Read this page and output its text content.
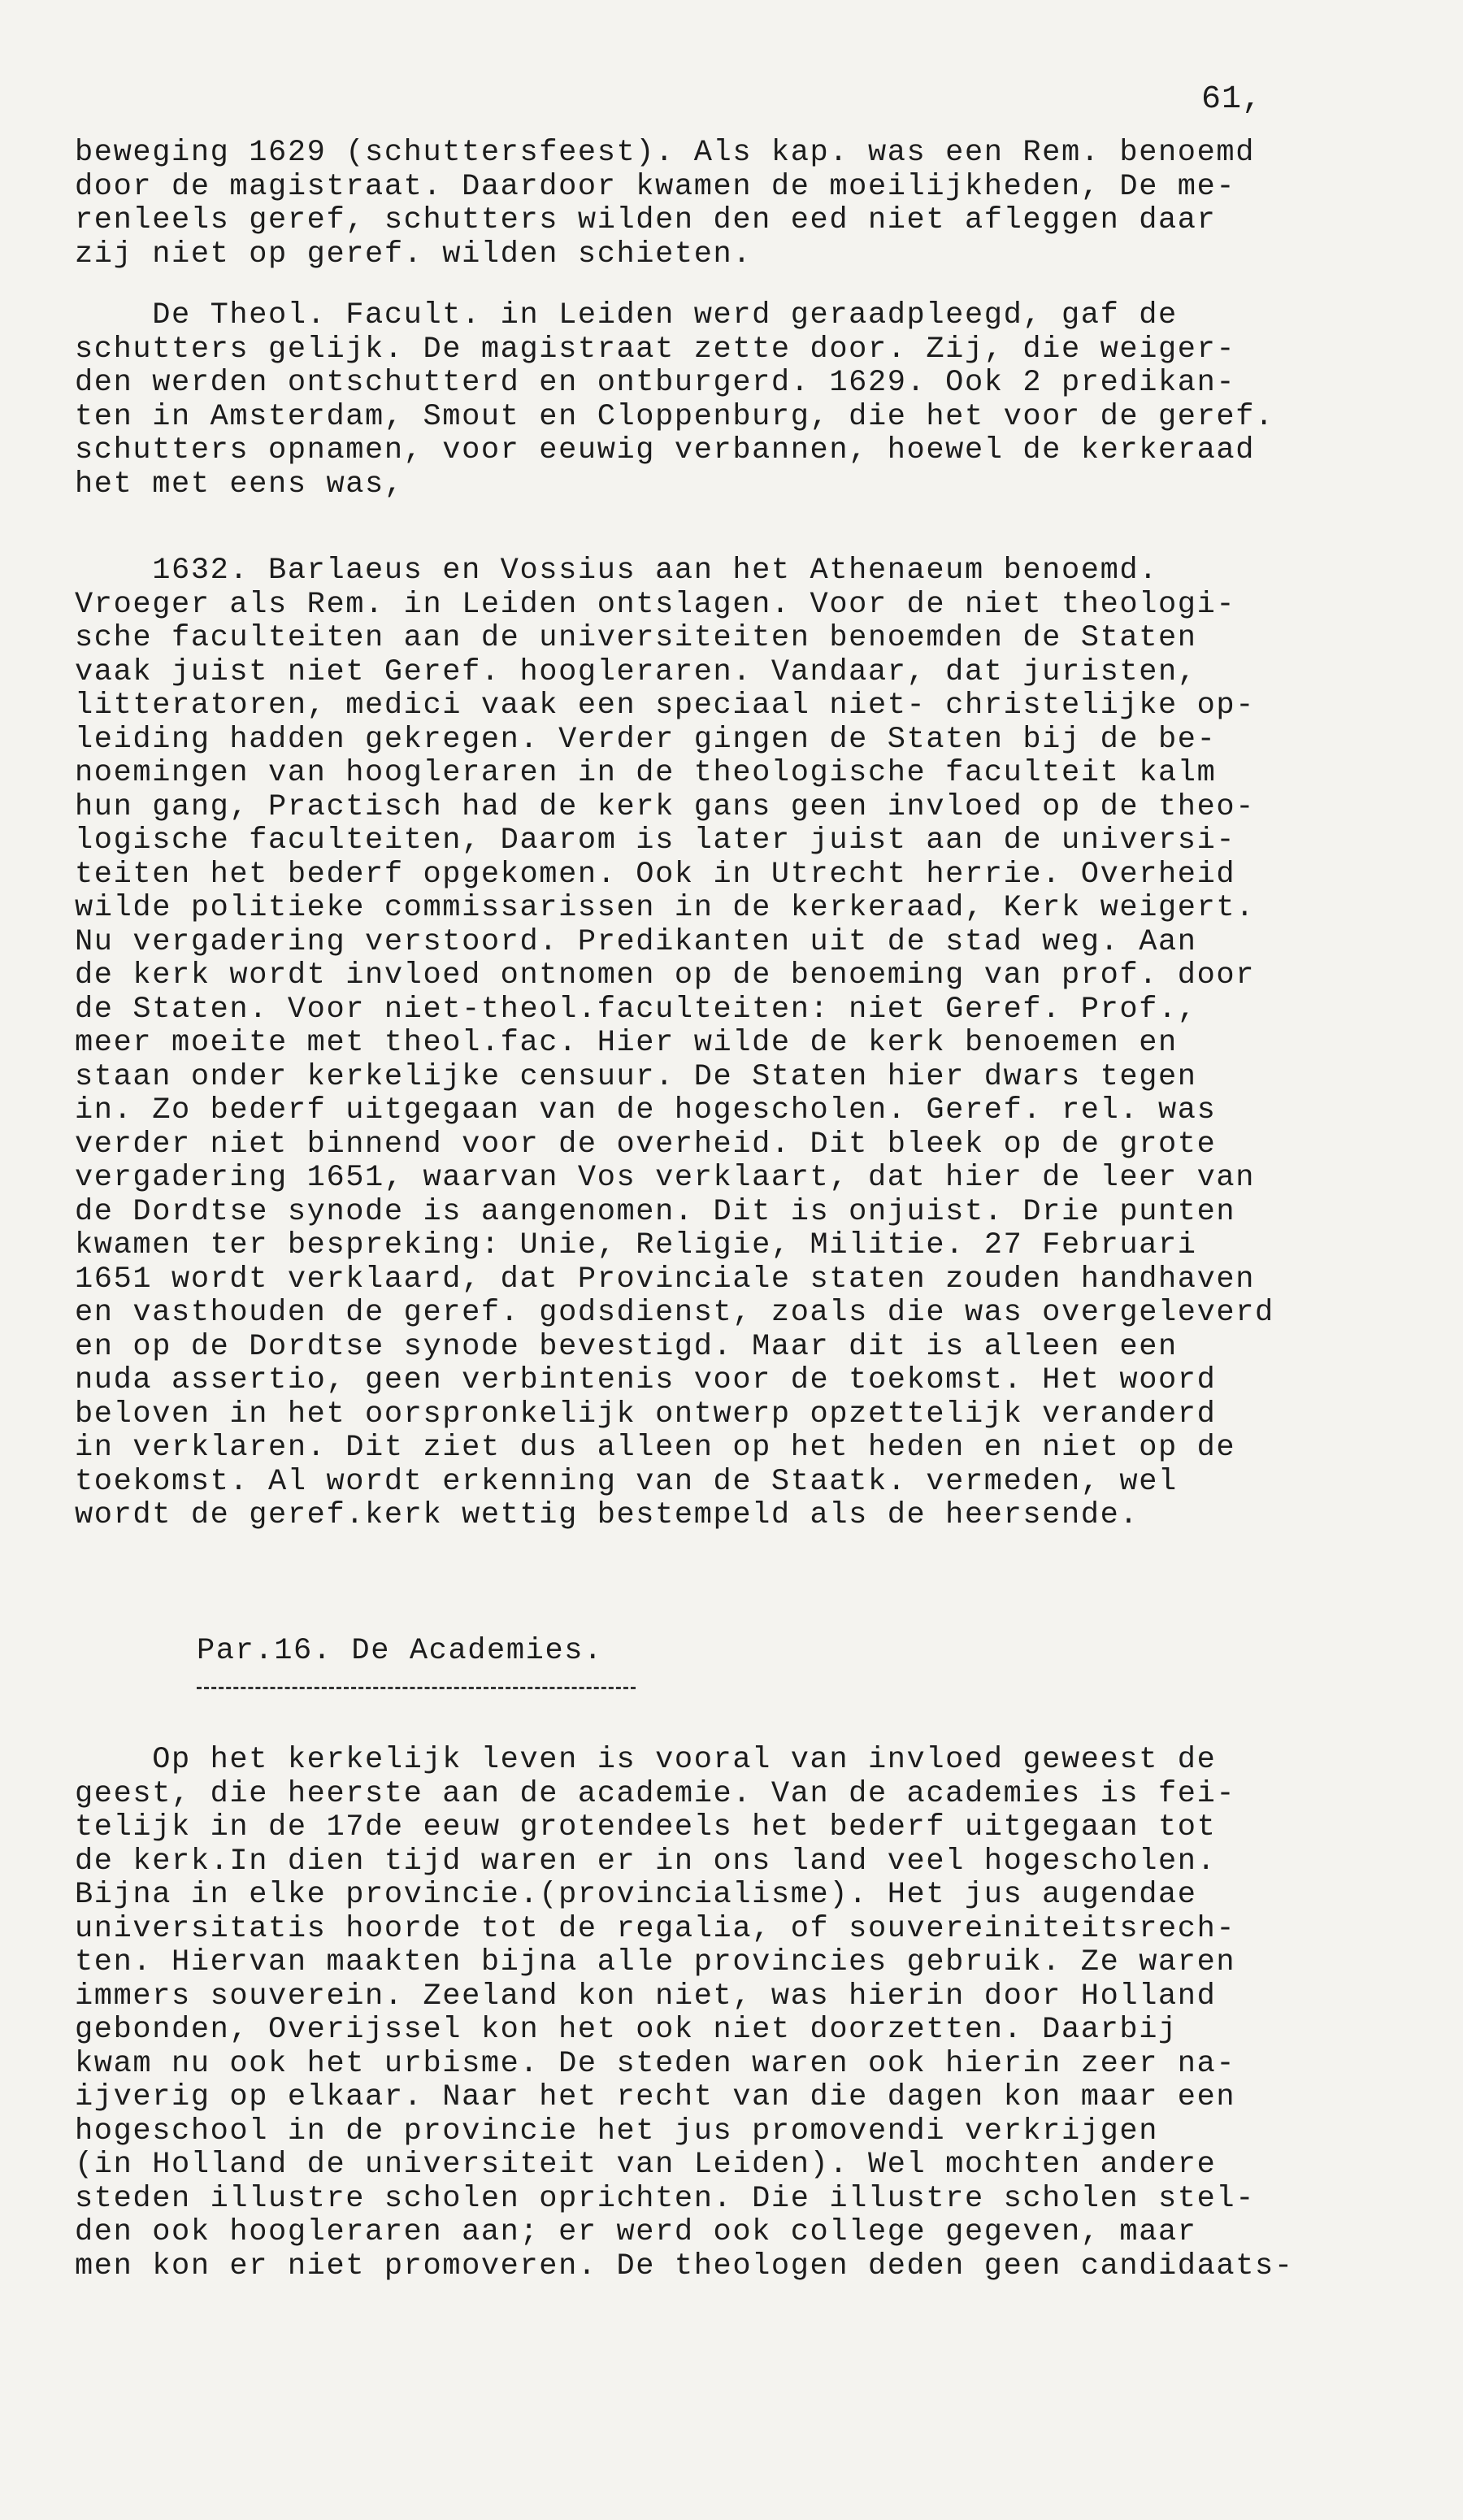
61,
beweging 1629 (schuttersfeest). Als kap. was een Rem. benoemd
door de magistraat. Daardoor kwamen de moeilijkheden, De me-
renleels geref, schutters wilden den eed niet afleggen daar
zij niet op geref. wilden schieten.
De Theol. Facult. in Leiden werd geraadpleegd, gaf de
schutters gelijk. De magistraat zette door. Zij, die weiger-
den werden ontschutterd en ontburgerd. 1629. Ook 2 predikan-
ten in Amsterdam, Smout en Cloppenburg, die het voor de geref.
schutters opnamen, voor eeuwig verbannen, hoewel de kerkeraad
het met eens was,
1632. Barlaeus en Vossius aan het Athenaeum benoemd.
Vroeger als Rem. in Leiden ontslagen. Voor de niet theologi-
sche faculteiten aan de universiteiten benoemden de Staten
vaak juist niet Geref. hoogleraren. Vandaar, dat juristen,
litteratoren, medici vaak een speciaal niet- christelijke op-
leiding hadden gekregen. Verder gingen de Staten bij de be-
noemingen van hoogleraren in de theologische faculteit kalm
hun gang, Practisch had de kerk gans geen invloed op de theo-
logische faculteiten, Daarom is later juist aan de universi-
teiten het bederf opgekomen. Ook in Utrecht herrie. Overheid
wilde politieke commissarissen in de kerkeraad, Kerk weigert.
Nu vergadering verstoord. Predikanten uit de stad weg. Aan
de kerk wordt invloed ontnomen op de benoeming van prof. door
de Staten. Voor niet-theol.faculteiten: niet Geref. Prof.,
meer moeite met theol.fac. Hier wilde de kerk benoemen en
staan onder kerkelijke censuur. De Staten hier dwars tegen
in. Zo bederf uitgegaan van de hogescholen. Geref. rel. was
verder niet binnend voor de overheid. Dit bleek op de grote
vergadering 1651, waarvan Vos verklaart, dat hier de leer van
de Dordtse synode is aangenomen. Dit is onjuist. Drie punten
kwamen ter bespreking: Unie, Religie, Militie. 27 Februari
1651 wordt verklaard, dat Provinciale staten zouden handhaven
en vasthouden de geref. godsdienst, zoals die was overgeleverd
en op de Dordtse synode bevestigd. Maar dit is alleen een
nuda assertio, geen verbintenis voor de toekomst. Het woord
beloven in het oorspronkelijk ontwerp opzettelijk veranderd
in verklaren. Dit ziet dus alleen op het heden en niet op de
toekomst. Al wordt erkenning van de Staatk. vermeden, wel
wordt de geref.kerk wettig bestempeld als de heersende.
Par.16. De Academies.
Op het kerkelijk leven is vooral van invloed geweest de
geest, die heerste aan de academie. Van de academies is fei-
telijk in de 17de eeuw grotendeels het bederf uitgegaan tot
de kerk.In dien tijd waren er in ons land veel hogescholen.
Bijna in elke provincie.(provincialisme). Het jus augendae
universitatis hoorde tot de regalia, of souvereiniteitsrech-
ten. Hiervan maakten bijna alle provincies gebruik. Ze waren
immers souverein. Zeeland kon niet, was hierin door Holland
gebonden, Overijssel kon het ook niet doorzetten. Daarbij
kwam nu ook het urbisme. De steden waren ook hierin zeer na-
ijverig op elkaar. Naar het recht van die dagen kon maar een
hogeschool in de provincie het jus promovendi verkrijgen
(in Holland de universiteit van Leiden). Wel mochten andere
steden illustre scholen oprichten. Die illustre scholen stel-
den ook hoogleraren aan; er werd ook college gegeven, maar
men kon er niet promoveren. De theologen deden geen candidaats-
